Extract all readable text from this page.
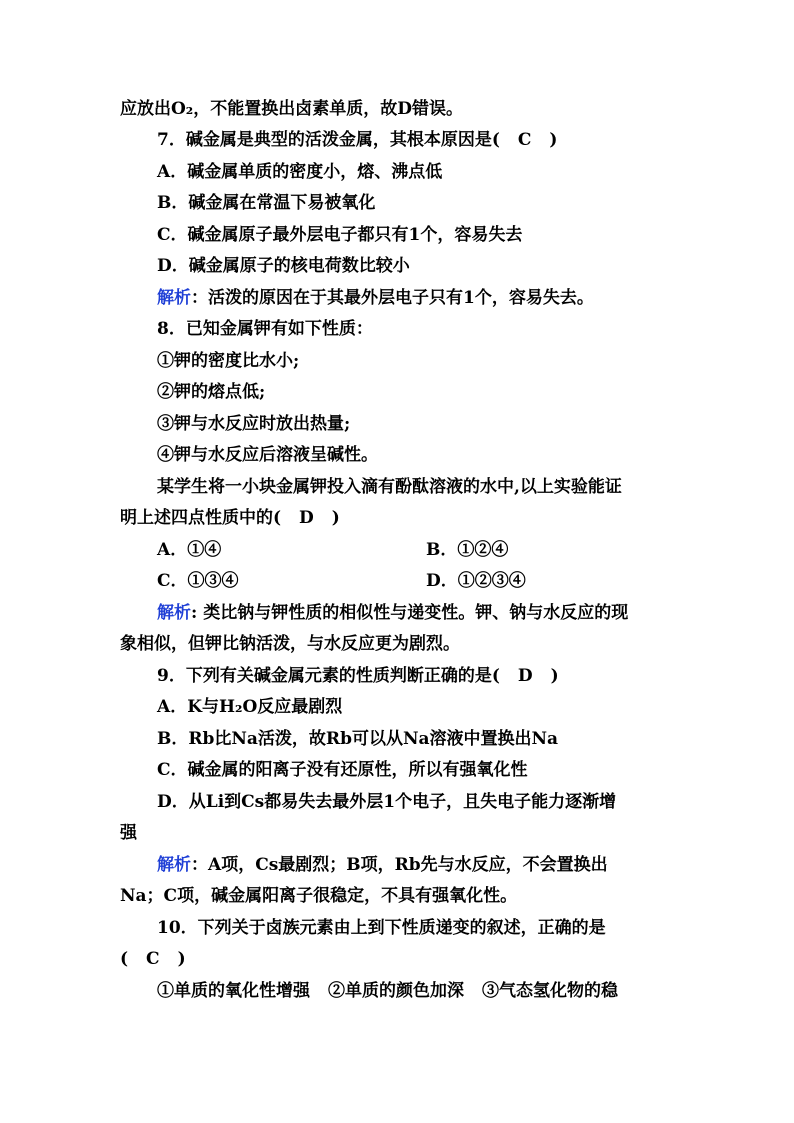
应放出O₂，不能置换出卤素单质，故D错误。
7．碱金属是典型的活泼金属，其根本原因是( C )
A．碱金属单质的密度小，熔、沸点低
B．碱金属在常温下易被氧化
C．碱金属原子最外层电子都只有1个，容易失去
D．碱金属原子的核电荷数比较小
解析：活泼的原因在于其最外层电子只有1个，容易失去。
8．已知金属钾有如下性质：
①钾的密度比水小;
②钾的熔点低;
③钾与水反应时放出热量;
④钾与水反应后溶液呈碱性。
某学生将一小块金属钾投入滴有酚酞溶液的水中,以上实验能证
明上述四点性质中的( D )
A．①④	B．①②④
C．①③④	D．①②③④
解析: 类比钠与钾性质的相似性与递变性。钾、钠与水反应的现
象相似，但钾比钠活泼，与水反应更为剧烈。
9．下列有关碱金属元素的性质判断正确的是( D )
A．K与H₂O反应最剧烈
B．Rb比Na活泼，故Rb可以从Na溶液中置换出Na
C．碱金属的阳离子没有还原性，所以有强氧化性
D．从Li到Cs都易失去最外层1个电子，且失电子能力逐渐增
强
解析：A项，Cs最剧烈；B项，Rb先与水反应，不会置换出
Na；C项，碱金属阳离子很稳定，不具有强氧化性。
10．下列关于卤族元素由上到下性质递变的叙述，正确的是
( C )
①单质的氧化性增强 ②单质的颜色加深 ③气态氢化物的稳
